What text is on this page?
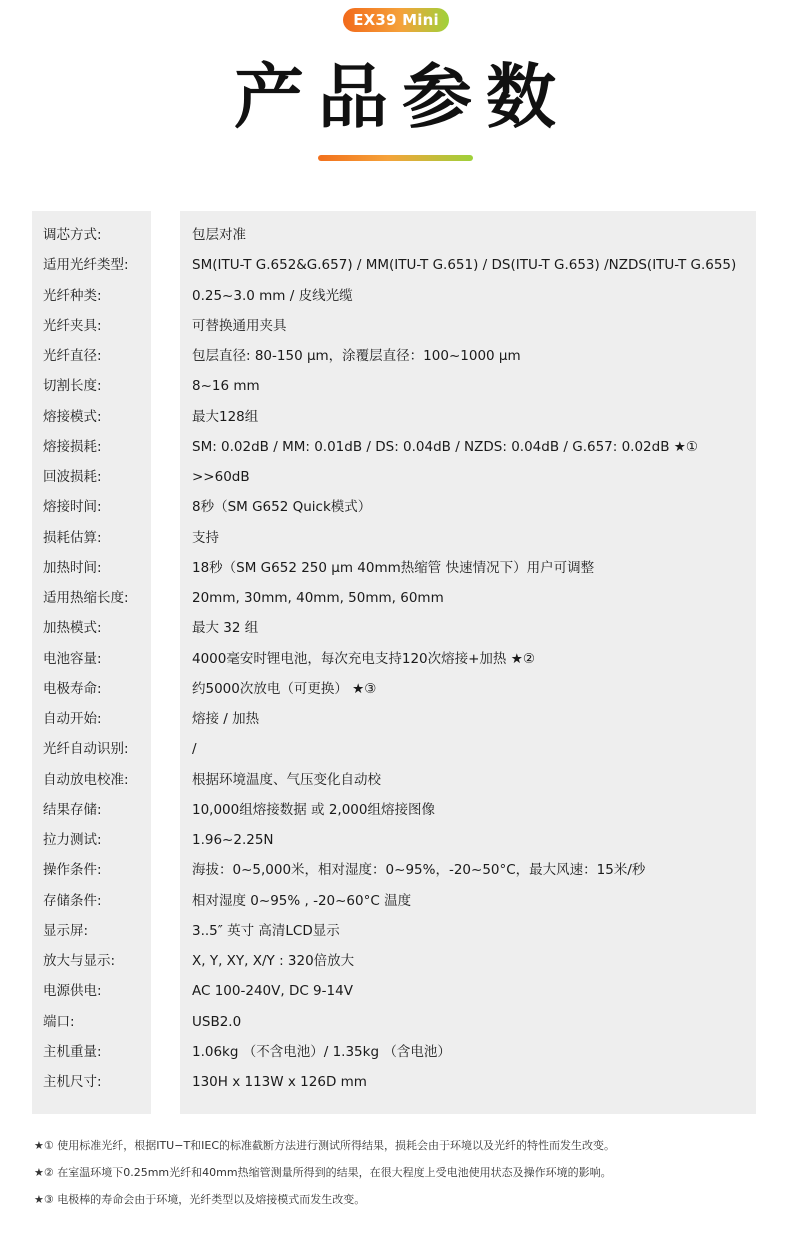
EX39 Mini
产品参数
调芯方式:	包层对准
适用光纤类型:	SM(ITU-T G.652&G.657) / MM(ITU-T G.651) / DS(ITU-T G.653) /NZDS(ITU-T G.655)
光纤种类:	0.25~3.0 mm / 皮线光缆
光纤夹具:	可替换通用夹具
光纤直径:	包层直径: 80-150 μm，涂覆层直径：100~1000 μm
切割长度:	8~16 mm
熔接模式:	最大128组
熔接损耗:	SM: 0.02dB / MM: 0.01dB / DS: 0.04dB / NZDS: 0.04dB / G.657: 0.02dB ★①
回波损耗:	>>60dB
熔接时间:	8秒（SM G652 Quick模式）
损耗估算:	支持
加热时间:	18秒（SM G652 250 μm 40mm热缩管 快速情况下）用户可调整
适用热缩长度:	20mm, 30mm, 40mm, 50mm, 60mm
加热模式:	最大 32 组
电池容量:	4000毫安时锂电池，每次充电支持120次熔接+加热 ★②
电极寿命:	约5000次放电（可更换） ★③
自动开始:	熔接 / 加热
光纤自动识别:	/
自动放电校准:	根据环境温度、气压变化自动校
结果存储:	10,000组熔接数据 或 2,000组熔接图像
拉力测试:	1.96~2.25N
操作条件:	海拔：0~5,000米，相对湿度：0~95%，-20~50°C，最大风速：15米/秒
存储条件:	相对湿度 0~95% , -20~60°C 温度
显示屏:	3..5″ 英寸 高清LCD显示
放大与显示:	X, Y, XY, X/Y : 320倍放大
电源供电:	AC 100-240V, DC 9-14V
端口:	USB2.0
主机重量:	1.06kg （不含电池）/ 1.35kg （含电池）
主机尺寸:	130H x 113W x 126D mm
★① 使用标准光纤，根据ITU−T和IEC的标准截断方法进行测试所得结果，损耗会由于环境以及光纤的特性而发生改变。
★② 在室温环境下0.25mm光纤和40mm热缩管测量所得到的结果，在很大程度上受电池使用状态及操作环境的影响。
★③ 电极棒的寿命会由于环境，光纤类型以及熔接模式而发生改变。
